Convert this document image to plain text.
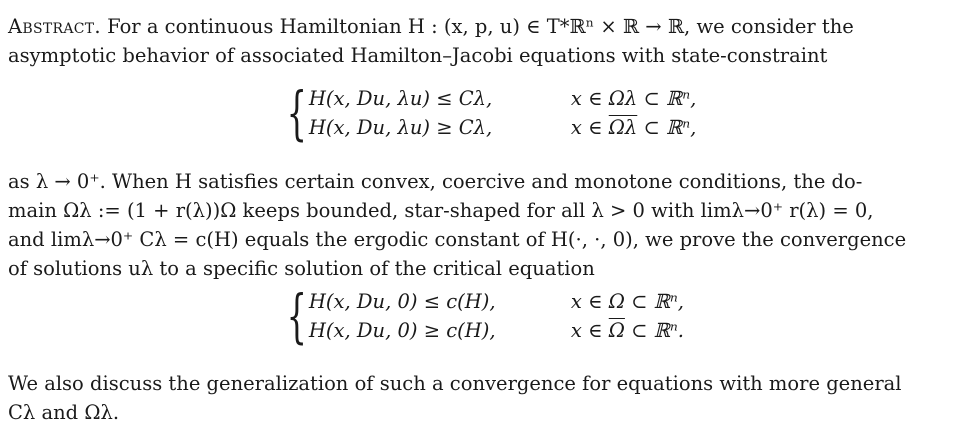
Abstract. For a continuous Hamiltonian H : (x, p, u) ∈ T*ℝⁿ × ℝ → ℝ, we consider the
asymptotic behavior of associated Hamilton–Jacobi equations with state-constraint
{ H(x, Du, λu) ≤ Cλ,	x ∈ Ωλ ⊂ ℝⁿ,
H(x, Du, λu) ≥ Cλ,	x ∈ $\overline{\Omega\lambda}$ ⊂ ℝⁿ,
as λ → 0⁺. When H satisfies certain convex, coercive and monotone conditions, the do-
main Ωλ := (1 + r(λ))Ω keeps bounded, star-shaped for all λ > 0 with limλ→0⁺ r(λ) = 0,
and limλ→0⁺ Cλ = c(H) equals the ergodic constant of H(·, ·, 0), we prove the convergence
of solutions uλ to a specific solution of the critical equation
{ H(x, Du, 0) ≤ c(H),	x ∈ Ω ⊂ ℝⁿ,
H(x, Du, 0) ≥ c(H),	x ∈ $\overline{\Omega}$ ⊂ ℝⁿ.
We also discuss the generalization of such a convergence for equations with more general
Cλ and Ωλ.
